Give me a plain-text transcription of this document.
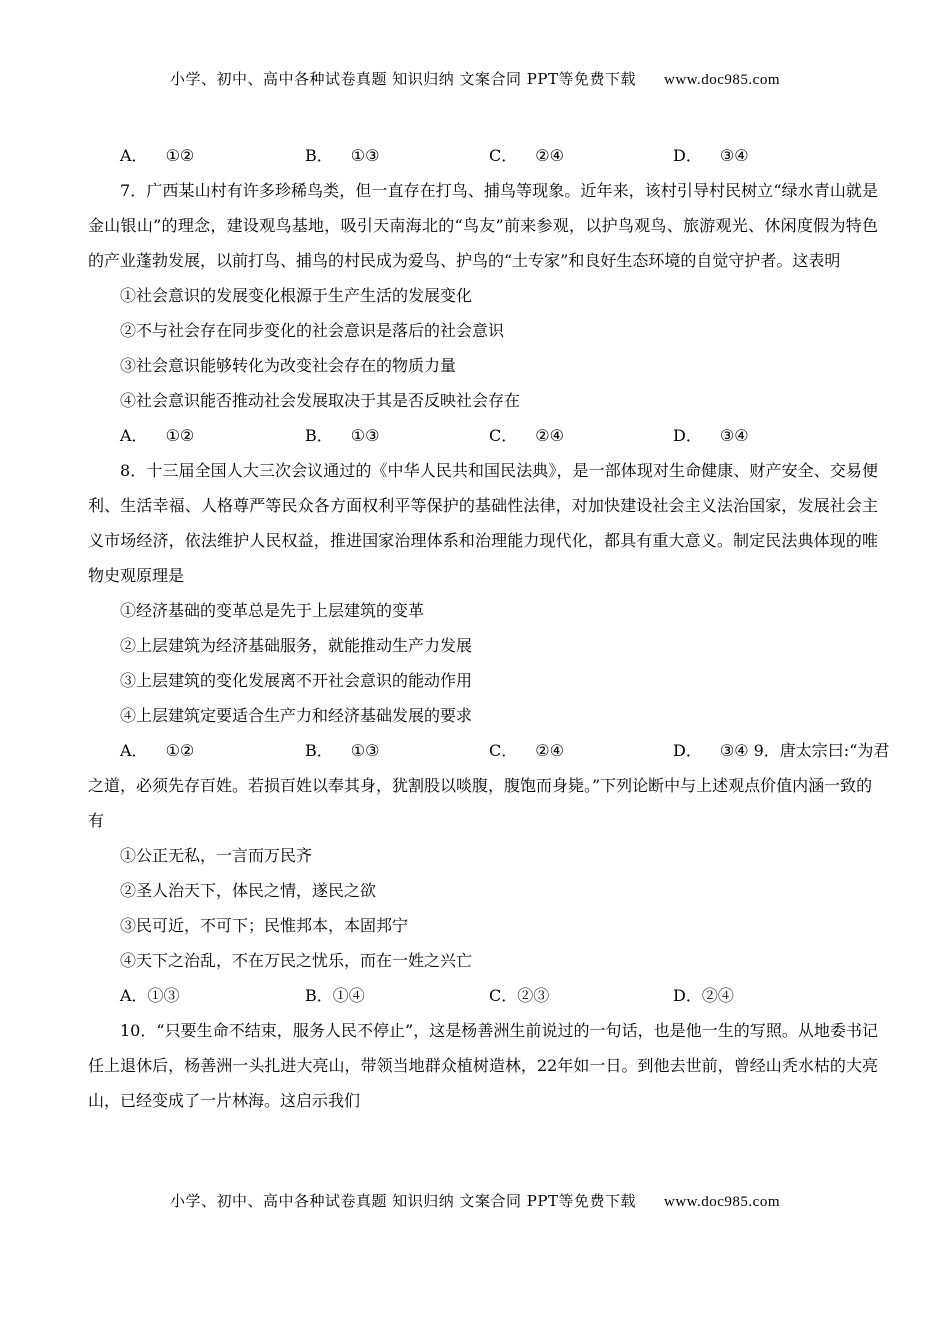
小学、初中、高中各种试卷真题 知识归纳 文案合同 PPT等免费下载 www.doc985.com
A． ①②	B． ①③	C． ②④	D． ③④

7．广西某山村有许多珍稀鸟类，但一直存在打鸟、捕鸟等现象。近年来，该村引导村民树立“绿水青山就是金山银山”的理念，建设观鸟基地，吸引天南海北的“鸟友”前来参观，以护鸟观鸟、旅游观光、休闲度假为特色的产业蓬勃发展，以前打鸟、捕鸟的村民成为爱鸟、护鸟的“土专家”和良好生态环境的自觉守护者。这表明

①社会意识的发展变化根源于生产生活的发展变化

②不与社会存在同步变化的社会意识是落后的社会意识

③社会意识能够转化为改变社会存在的物质力量

④社会意识能否推动社会发展取决于其是否反映社会存在

A． ①②	B． ①③	C． ②④	D． ③④

8．十三届全国人大三次会议通过的《中华人民共和国民法典》，是一部体现对生命健康、财产安全、交易便利、生活幸福、人格尊严等民众各方面权利平等保护的基础性法律，对加快建设社会主义法治国家，发展社会主义市场经济，依法维护人民权益，推进国家治理体系和治理能力现代化，都具有重大意义。制定民法典体现的唯物史观原理是

①经济基础的变革总是先于上层建筑的变革

②上层建筑为经济基础服务，就能推动生产力发展

③上层建筑的变化发展离不开社会意识的能动作用

④上层建筑定要适合生产力和经济基础发展的要求

A． ①②	B． ①③	C． ②④	D． ③④ 9．唐太宗曰:“为君

之道，必须先存百姓。若损百姓以奉其身，犹割股以啖腹，腹饱而身毙。”下列论断中与上述观点价值内涵一致的有

①公正无私，一言而万民齐

②圣人治天下，体民之情，遂民之欲

③民可近，不可下；民惟邦本，本固邦宁

④天下之治乱，不在万民之忧乐，而在一姓之兴亡

A．①③	B．①④	C．②③	D．②④

10．“只要生命不结束，服务人民不停止”，这是杨善洲生前说过的一句话，也是他一生的写照。从地委书记任上退休后，杨善洲一头扎进大亮山，带领当地群众植树造林，22年如一日。到他去世前，曾经山秃水枯的大亮山，已经变成了一片林海。这启示我们

小学、初中、高中各种试卷真题 知识归纳 文案合同 PPT等免费下载 www.doc985.com
